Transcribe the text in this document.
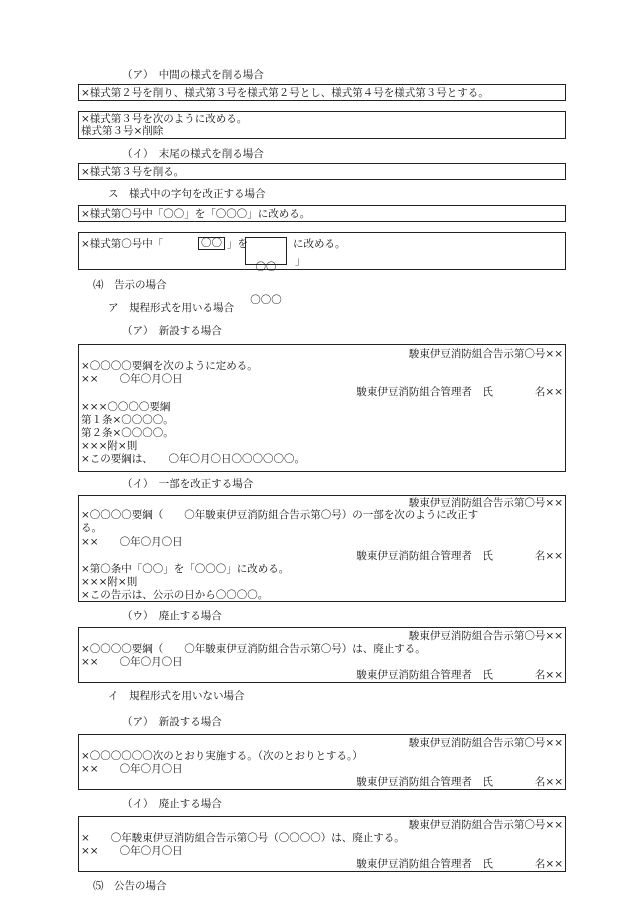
（ア）　中間の様式を削る場合
×様式第２号を削り、様式第３号を様式第２号とし、様式第４号を様式第３号とする。
×様式第３号を次のように改める。
様式第３号×削除
（イ）　末尾の様式を削る場合
×様式第３号を削る。
ス　様式中の字句を改正する場合
×様式第〇号中「〇〇」を「〇〇〇」に改める。
×様式第〇号中「	〇〇 」を

〇〇

〇〇〇

に改める。
」
⑷　告示の場合
ア　規程形式を用いる場合
（ア）　新設する場合
駿東伊豆消防組合告示第〇号××
×〇〇〇〇要綱を次のように定める。
××　　〇年〇月〇日
駿東伊豆消防組合管理者　氏　　　　名××
×××〇〇〇〇要綱
第１条×〇〇〇〇。
第２条×〇〇〇〇。
×××附×則
×この要綱は、　　〇年〇月〇日〇〇〇〇〇〇。
（イ）　一部を改正する場合
駿東伊豆消防組合告示第〇号××
×〇〇〇〇要綱（　　〇年駿東伊豆消防組合告示第〇号）の一部を次のように改正す
る。
××　　〇年〇月〇日
駿東伊豆消防組合管理者　氏　　　　名××
×第〇条中「〇〇」を「〇〇〇」に改める。
×××附×則
×この告示は、公示の日から〇〇〇〇。
（ウ）　廃止する場合
駿東伊豆消防組合告示第〇号××
×〇〇〇〇要綱（　　〇年駿東伊豆消防組合告示第〇号）は、廃止する。
××　　〇年〇月〇日
駿東伊豆消防組合管理者　氏　　　　名××
イ　規程形式を用いない場合
（ア）　新設する場合
駿東伊豆消防組合告示第〇号××
×〇〇〇〇〇〇次のとおり実施する。（次のとおりとする。）
××　　〇年〇月〇日
駿東伊豆消防組合管理者　氏　　　　名××
（イ）　廃止する場合
駿東伊豆消防組合告示第〇号××
×　　〇年駿東伊豆消防組合告示第〇号（〇〇〇〇）は、廃止する。
××　　〇年〇月〇日
駿東伊豆消防組合管理者　氏　　　　名××
⑸　公告の場合
